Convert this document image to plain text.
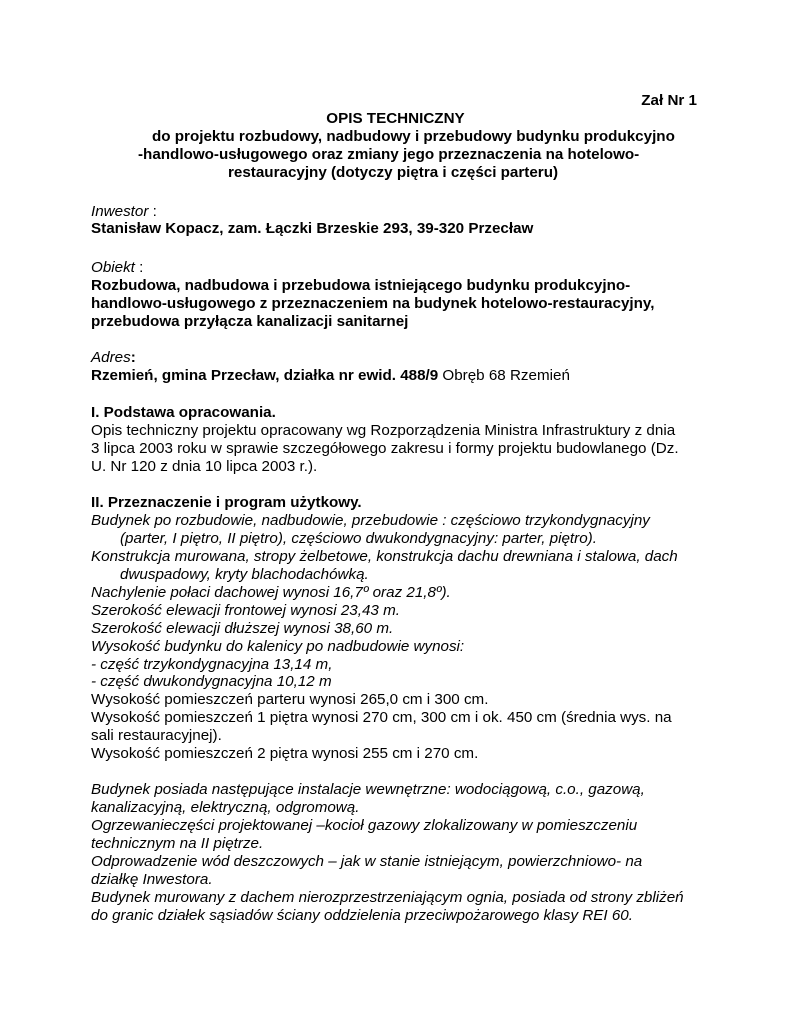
Zał Nr 1
OPIS TECHNICZNY
do projektu rozbudowy, nadbudowy i przebudowy budynku produkcyjno
-handlowo-usługowego oraz zmiany jego przeznaczenia na hotelowo-
restauracyjny (dotyczy piętra i części parteru)
Inwestor :
Stanisław Kopacz, zam. Łączki Brzeskie 293, 39-320 Przecław
Obiekt :
Rozbudowa, nadbudowa i przebudowa istniejącego budynku produkcyjno-
handlowo-usługowego z przeznaczeniem na budynek hotelowo-restauracyjny,
przebudowa przyłącza kanalizacji sanitarnej
Adres:
Rzemień, gmina Przecław, działka nr ewid. 488/9 Obręb 68 Rzemień
I. Podstawa opracowania.
Opis techniczny projektu opracowany wg Rozporządzenia Ministra Infrastruktury z dnia
3 lipca 2003 roku w sprawie szczegółowego zakresu i formy projektu budowlanego (Dz.
U. Nr 120 z dnia 10 lipca 2003 r.).
II. Przeznaczenie i program użytkowy.
Budynek po rozbudowie, nadbudowie, przebudowie : częściowo trzykondygnacyjny
(parter, I piętro, II piętro), częściowo dwukondygnacyjny: parter, piętro).
Konstrukcja murowana, stropy żelbetowe, konstrukcja dachu drewniana i stalowa, dach
dwuspadowy, kryty blachodachówką.
Nachylenie połaci dachowej wynosi 16,7º oraz 21,8º).
Szerokość elewacji frontowej wynosi 23,43 m.
Szerokość elewacji dłuższej wynosi 38,60 m.
Wysokość budynku do kalenicy po nadbudowie wynosi:
- część trzykondygnacyjna 13,14 m,
- część dwukondygnacyjna 10,12 m
Wysokość pomieszczeń parteru wynosi 265,0 cm i 300 cm.
Wysokość pomieszczeń 1 piętra wynosi 270 cm, 300 cm i ok. 450 cm (średnia wys. na
sali restauracyjnej).
Wysokość pomieszczeń 2 piętra wynosi 255 cm i 270 cm.
Budynek posiada następujące instalacje wewnętrzne: wodociągową, c.o., gazową,
kanalizacyjną, elektryczną, odgromową.
Ogrzewanieczęści projektowanej –kocioł gazowy zlokalizowany w pomieszczeniu
technicznym na II piętrze.
Odprowadzenie wód deszczowych – jak w stanie istniejącym, powierzchniowo- na
działkę Inwestora.
Budynek murowany z dachem nierozprzestrzeniającym ognia, posiada od strony zbliżeń
do granic działek sąsiadów ściany oddzielenia przeciwpożarowego klasy REI 60.
